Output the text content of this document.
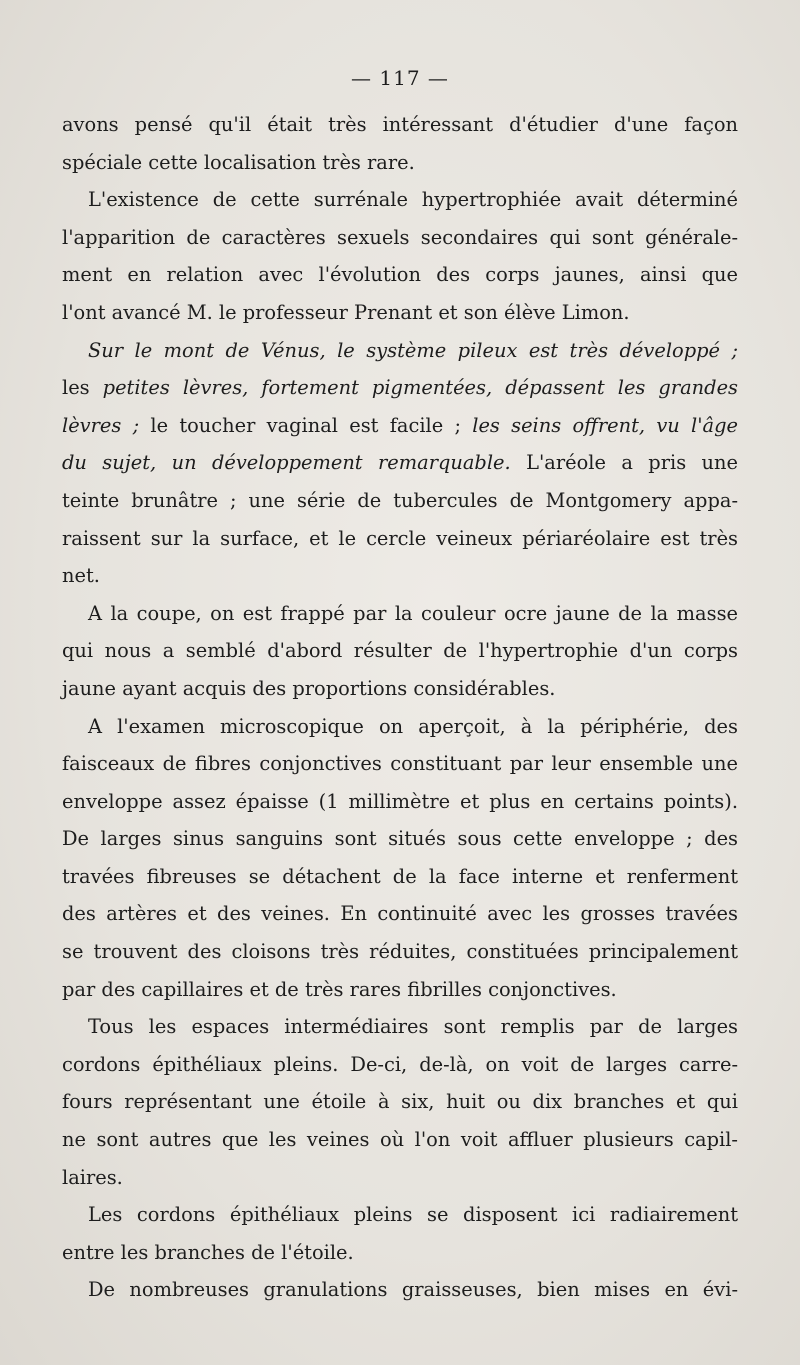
— 117 —
avons pensé qu'il était très intéressant d'étudier d'une façon
spéciale cette localisation très rare.
L'existence de cette surrénale hypertrophiée avait déterminé
l'apparition de caractères sexuels secondaires qui sont générale-
ment en relation avec l'évolution des corps jaunes, ainsi que
l'ont avancé M. le professeur Prenant et son élève Limon.
Sur le mont de Vénus, le système pileux est très développé ;
les petites lèvres, fortement pigmentées, dépassent les grandes
lèvres ; le toucher vaginal est facile ; les seins offrent, vu l'âge
du sujet, un développement remarquable. L'aréole a pris une
teinte brunâtre ; une série de tubercules de Montgomery appa-
raissent sur la surface, et le cercle veineux périaréolaire est très
net.
A la coupe, on est frappé par la couleur ocre jaune de la masse
qui nous a semblé d'abord résulter de l'hypertrophie d'un corps
jaune ayant acquis des proportions considérables.
A l'examen microscopique on aperçoit, à la périphérie, des
faisceaux de fibres conjonctives constituant par leur ensemble une
enveloppe assez épaisse (1 millimètre et plus en certains points).
De larges sinus sanguins sont situés sous cette enveloppe ; des
travées fibreuses se détachent de la face interne et renferment
des artères et des veines. En continuité avec les grosses travées
se trouvent des cloisons très réduites, constituées principalement
par des capillaires et de très rares fibrilles conjonctives.
Tous les espaces intermédiaires sont remplis par de larges
cordons épithéliaux pleins. De-ci, de-là, on voit de larges carre-
fours représentant une étoile à six, huit ou dix branches et qui
ne sont autres que les veines où l'on voit affluer plusieurs capil-
laires.
Les cordons épithéliaux pleins se disposent ici radiairement
entre les branches de l'étoile.
De nombreuses granulations graisseuses, bien mises en évi-
